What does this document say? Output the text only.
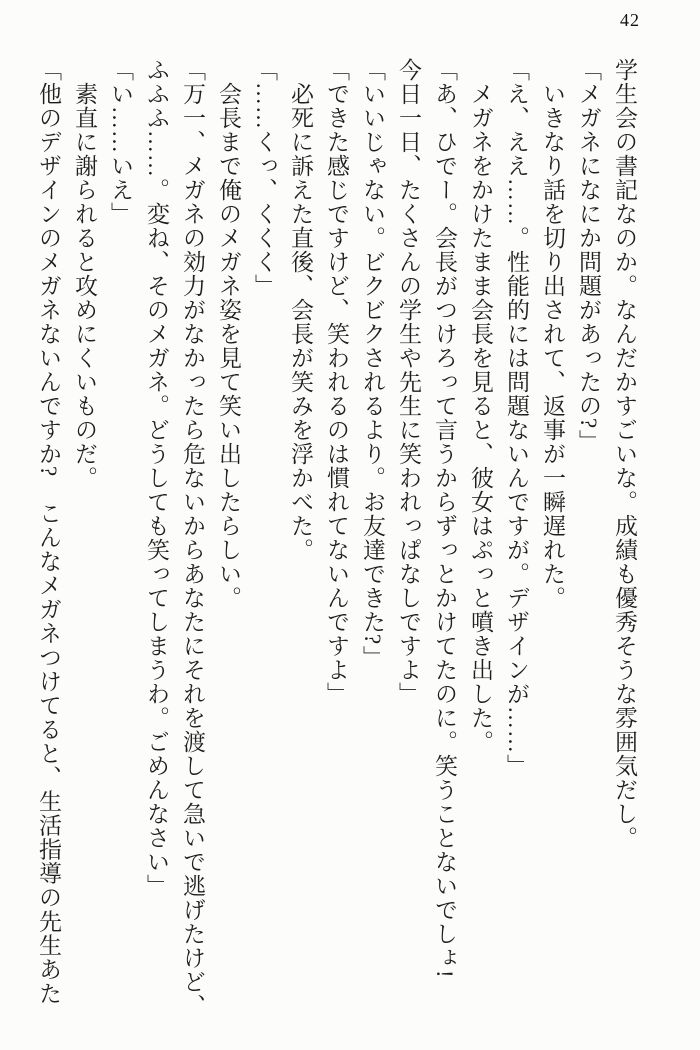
42
学生会の書記なのか。なんだかすごいな。成績も優秀そうな雰囲気だし。
「メガネになにか問題があったの?」
いきなり話を切り出されて、返事が一瞬遅れた。
「え、ええ……。性能的には問題ないんですが。デザインが……」
メガネをかけたまま会長を見ると、彼女はぷっと噴き出した。
「あ、ひでー。会長がつけろって言うからずっとかけてたのに。笑うことないでしょ!
今日一日、たくさんの学生や先生に笑われっぱなしですよ」
「いいじゃない。ビクビクされるより。お友達できた?」
「できた感じですけど、笑われるのは慣れてないんですよ」
必死に訴えた直後、会長が笑みを浮かべた。
「……くっ、くくく」
会長まで俺のメガネ姿を見て笑い出したらしい。
「万一、メガネの効力がなかったら危ないからあなたにそれを渡して急いで逃げたけど、
ふふふ……。変ね、そのメガネ。どうしても笑ってしまうわ。ごめんなさい」
「い……いえ」
素直に謝られると攻めにくいものだ。
「他のデザインのメガネないんですか?　こんなメガネつけてると、生活指導の先生あた
